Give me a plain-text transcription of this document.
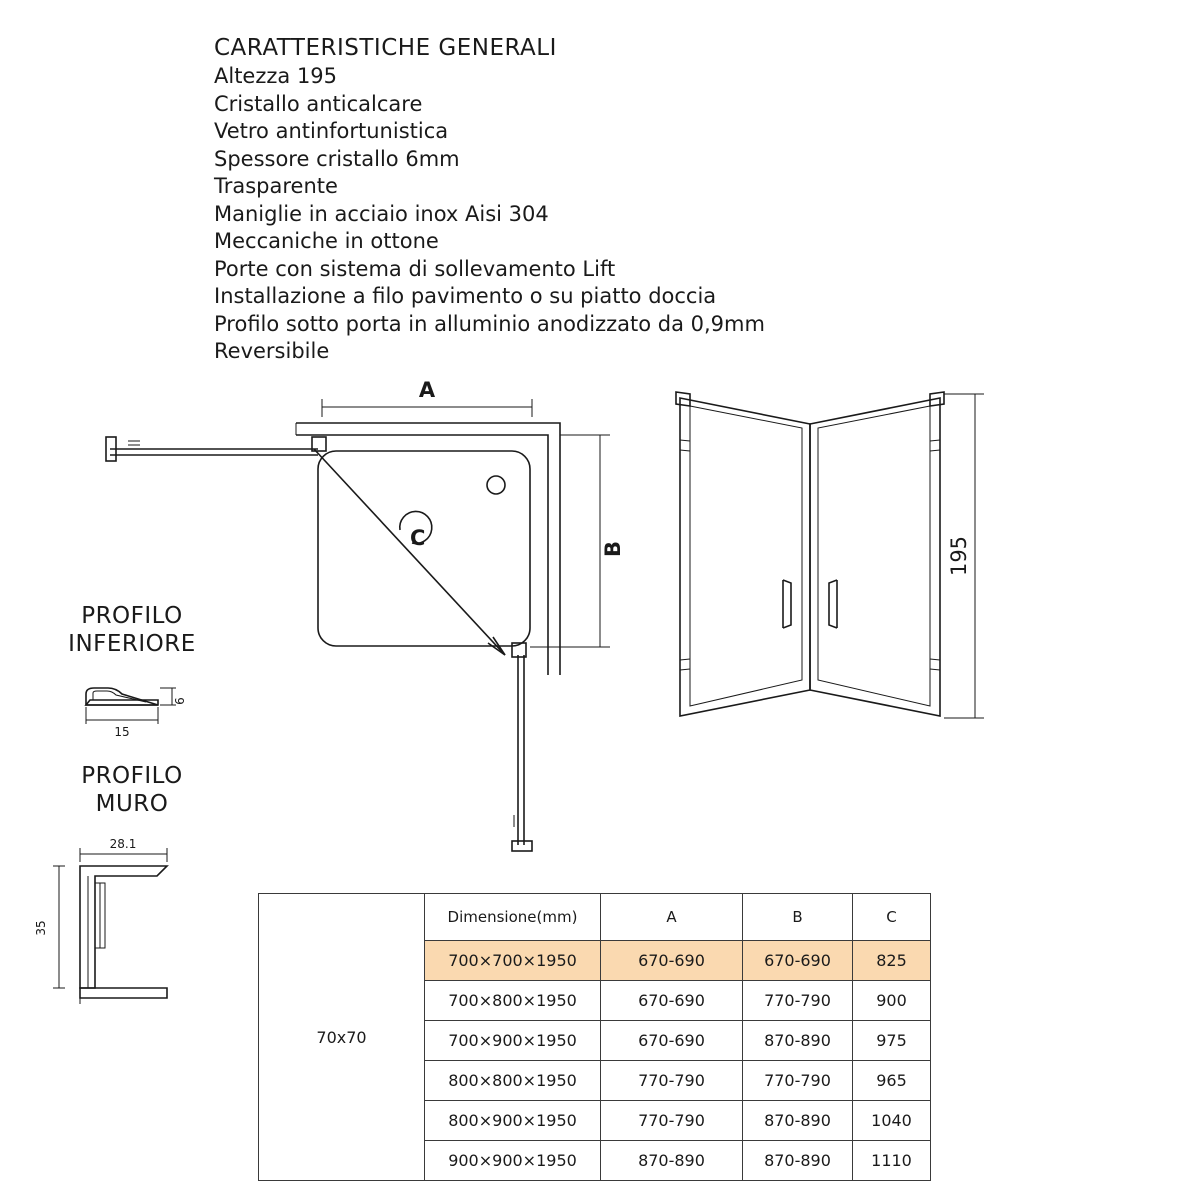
CARATTERISTICHE GENERALI
Altezza 195
Cristallo anticalcare
Vetro antinfortunistica
Spessore cristallo 6mm
Trasparente
Maniglie in acciaio inox Aisi 304
Meccaniche in ottone
Porte con sistema di sollevamento Lift
Installazione a filo pavimento o su piatto doccia
Profilo sotto porta in alluminio anodizzato da 0,9mm
Reversibile
PROFILO
INFERIORE
PROFILO
MURO
15
6
28.1
35
A
C	B	195
70x70	Dimensione(mm)	A	B	C
	700×700×1950	670-690	670-690	825
	700×800×1950	670-690	770-790	900
	700×900×1950	670-690	870-890	975
	800×800×1950	770-790	770-790	965
	800×900×1950	770-790	870-890	1040
	900×900×1950	870-890	870-890	1110
